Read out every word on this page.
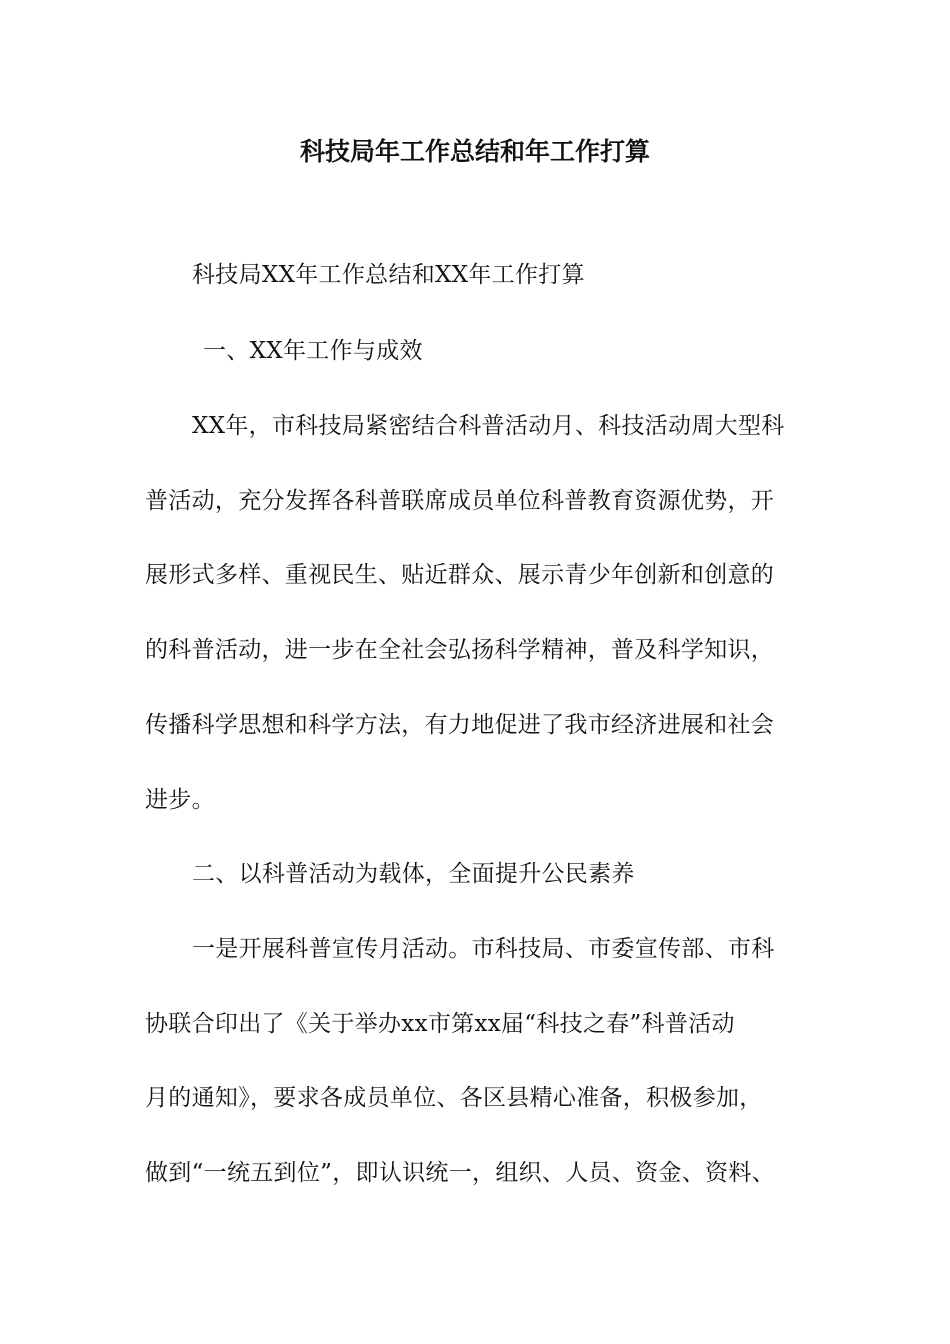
科技局年工作总结和年工作打算
科技局XX年工作总结和XX年工作打算
一、XX年工作与成效
XX年，市科技局紧密结合科普活动月、科技活动周大型科
普活动，充分发挥各科普联席成员单位科普教育资源优势，开
展形式多样、重视民生、贴近群众、展示青少年创新和创意的
的科普活动，进一步在全社会弘扬科学精神，普及科学知识，
传播科学思想和科学方法，有力地促进了我市经济进展和社会
进步。
二、以科普活动为载体，全面提升公民素养
一是开展科普宣传月活动。市科技局、市委宣传部、市科
协联合印出了《关于举办xx市第xx届“科技之春”科普活动
月的通知》，要求各成员单位、各区县精心准备，积极参加，
做到“一统五到位”，即认识统一，组织、人员、资金、资料、
